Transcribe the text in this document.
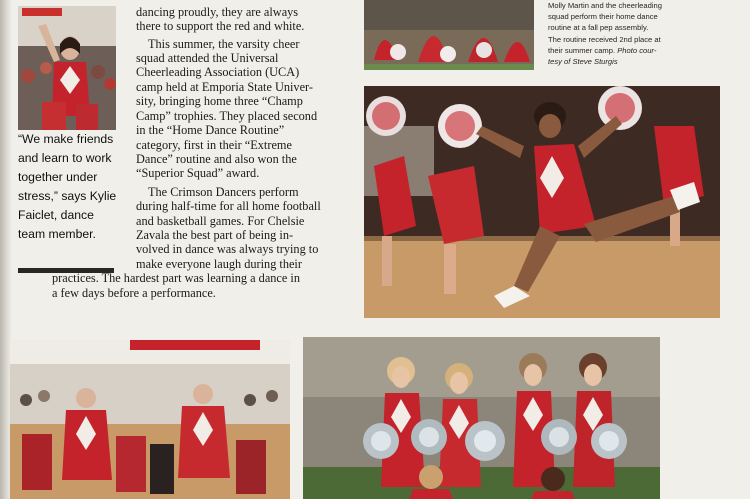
“We make friends
and learn to work
together under
stress,” says Kylie
Faiclet, dance
team member.

dancing proudly, they are always
there to support the red and white.
This summer, the varsity cheer
squad attended the Universal
Cheerleading Association (UCA)
camp held at Emporia State Univer-
sity, bringing home three “Champ
Camp” trophies. They placed second
in the “Home Dance Routine”
category, first in their “Extreme
Dance” routine and also won the
“Superior Squad” award.
The Crimson Dancers perform
during half-time for all home football
and basketball games. For Chelsie
Zavala the best part of being in-
volved in dance was always trying to
make everyone laugh during their
practices. The hardest part was learning a dance in
a few days before a performance.

Molly Martin and the cheerleading
squad perform their home dance
routine at a fall pep assembly.
The routine received 2nd place at
their summer camp. Photo cour-
tesy of Steve Sturgis
